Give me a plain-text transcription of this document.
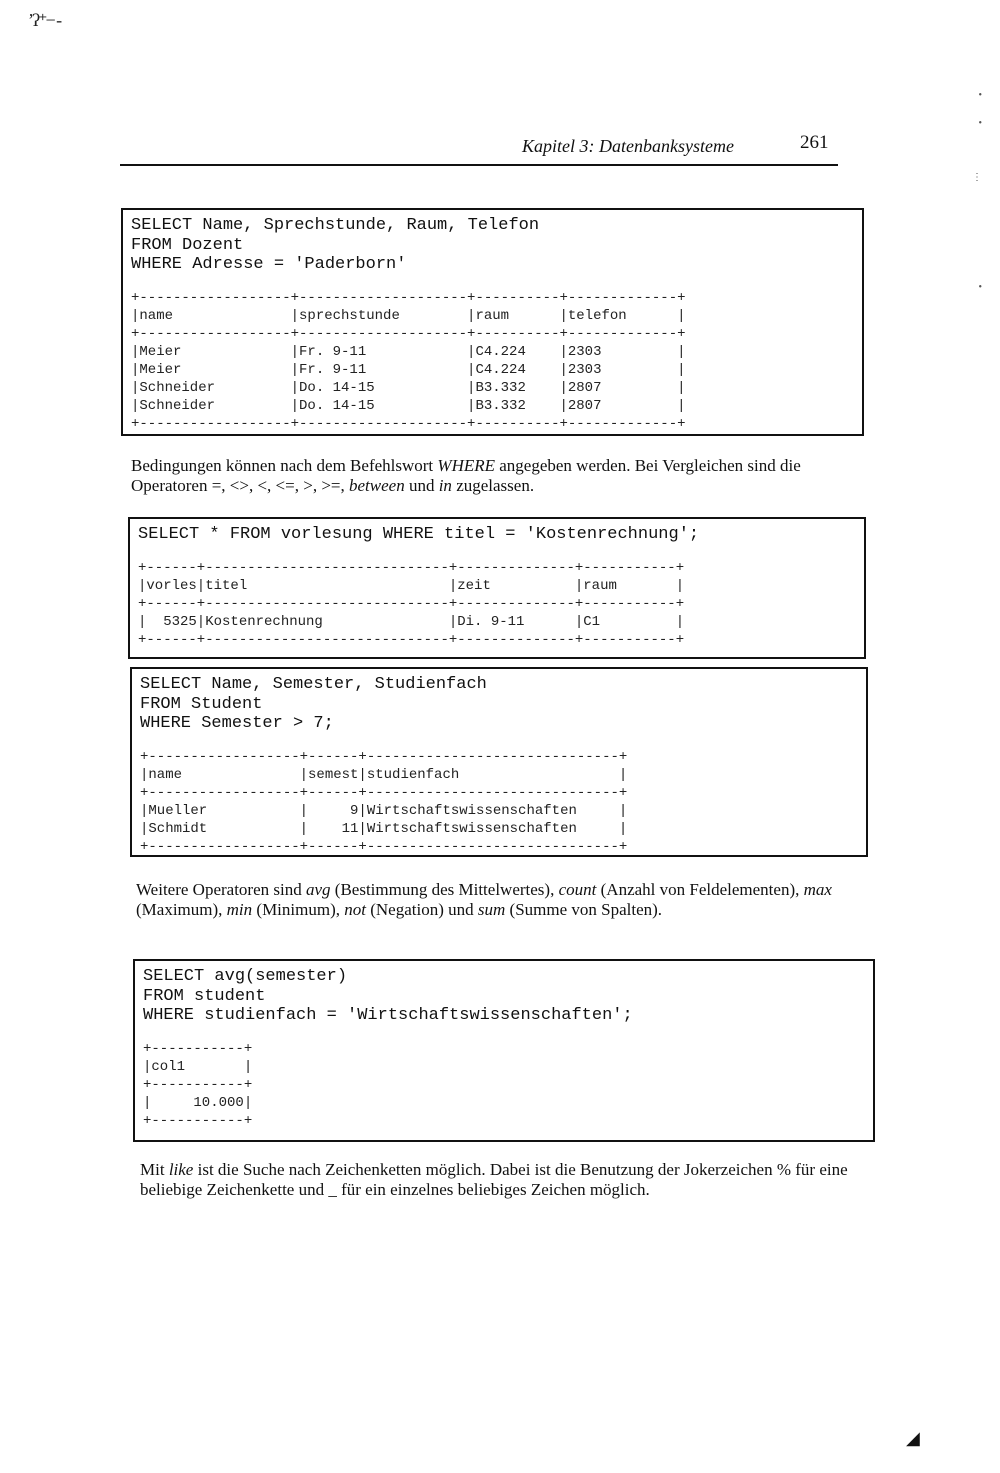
’ʔ⁺− -
Kapitel 3: Datenbanksysteme	261
SELECT Name, Sprechstunde, Raum, Telefon
FROM Dozent
WHERE Adresse = 'Paderborn'
+------------------+--------------------+----------+-------------+
|name              |sprechstunde        |raum      |telefon      |
+------------------+--------------------+----------+-------------+
|Meier             |Fr. 9-11            |C4.224    |2303         |
|Meier             |Fr. 9-11            |C4.224    |2303         |
|Schneider         |Do. 14-15           |B3.332    |2807         |
|Schneider         |Do. 14-15           |B3.332    |2807         |
+------------------+--------------------+----------+-------------+

Bedingungen können nach dem Befehlswort WHERE angegeben werden. Bei Vergleichen sind die Operatoren =, <>, <, <=, >, >=, between und in zugelassen.

SELECT * FROM vorlesung WHERE titel = 'Kostenrechnung';
+------+-----------------------------+--------------+-----------+
|vorles|titel                        |zeit          |raum       |
+------+-----------------------------+--------------+-----------+
|  5325|Kostenrechnung               |Di. 9-11      |C1         |
+------+-----------------------------+--------------+-----------+
SELECT Name, Semester, Studienfach
FROM Student
WHERE Semester > 7;
+------------------+------+------------------------------+
|name              |semest|studienfach                   |
+------------------+------+------------------------------+
|Mueller           |     9|Wirtschaftswissenschaften     |
|Schmidt           |    11|Wirtschaftswissenschaften     |
+------------------+------+------------------------------+

Weitere Operatoren sind avg (Bestimmung des Mittelwertes), count (Anzahl von Feldelementen), max (Maximum), min (Minimum), not (Negation) und sum (Summe von Spalten).

SELECT avg(semester)
FROM student
WHERE studienfach = 'Wirtschaftswissenschaften';
+-----------+
|col1       |
+-----------+
|     10.000|
+-----------+

Mit like ist die Suche nach Zeichenketten möglich. Dabei ist die Benutzung der Jokerzeichen % für eine beliebige Zeichenkette und _ für ein einzelnes beliebiges Zeichen möglich.

•
•
⋮
•
◢
